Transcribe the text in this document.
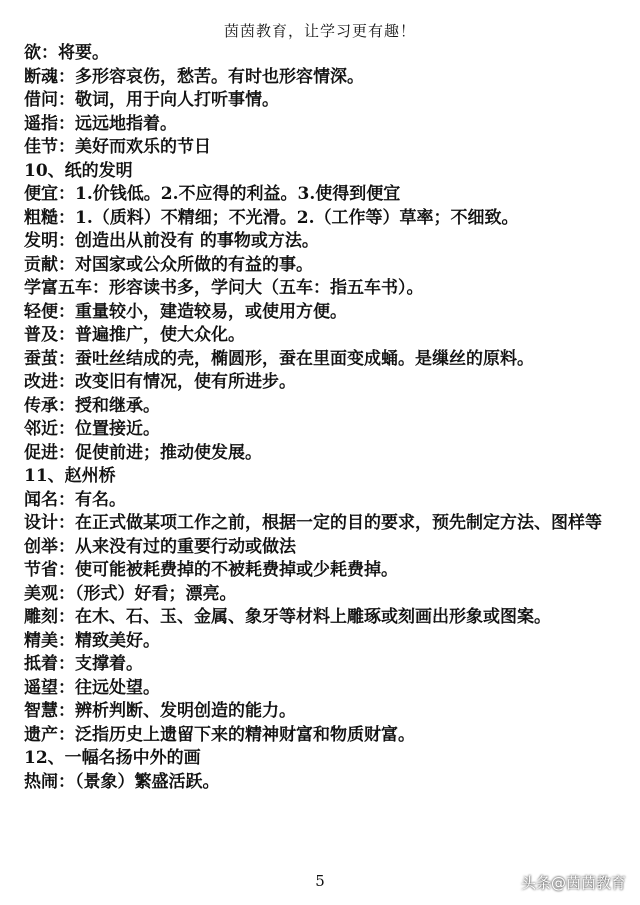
茵茵教育，让学习更有趣！
欲：将要。
断魂：多形容哀伤，愁苦。有时也形容情深。
借问：敬词，用于向人打听事情。
遥指：远远地指着。
佳节：美好而欢乐的节日
10、纸的发明
便宜：1.价钱低。2.不应得的利益。3.使得到便宜
粗糙：1.（质料）不精细；不光滑。2.（工作等）草率；不细致。
发明：创造出从前没有 的事物或方法。
贡献：对国家或公众所做的有益的事。
学富五车：形容读书多，学问大（五车：指五车书）。
轻便：重量较小，建造较易，或使用方便。
普及：普遍推广，使大众化。
蚕茧：蚕吐丝结成的壳，椭圆形，蚕在里面变成蛹。是缫丝的原料。
改进：改变旧有情况，使有所进步。
传承：授和继承。
邻近：位置接近。
促进：促使前进；推动使发展。
11、赵州桥
闻名：有名。
设计：在正式做某项工作之前，根据一定的目的要求，预先制定方法、图样等
创举：从来没有过的重要行动或做法
节省：使可能被耗费掉的不被耗费掉或少耗费掉。
美观：（形式）好看；漂亮。
雕刻：在木、石、玉、金属、象牙等材料上雕琢或刻画出形象或图案。
精美：精致美好。
抵着：支撑着。
遥望：往远处望。
智慧：辨析判断、发明创造的能力。
遗产：泛指历史上遗留下来的精神财富和物质财富。
12、一幅名扬中外的画
热闹：（景象）繁盛活跃。
5	头条@茵茵教育
